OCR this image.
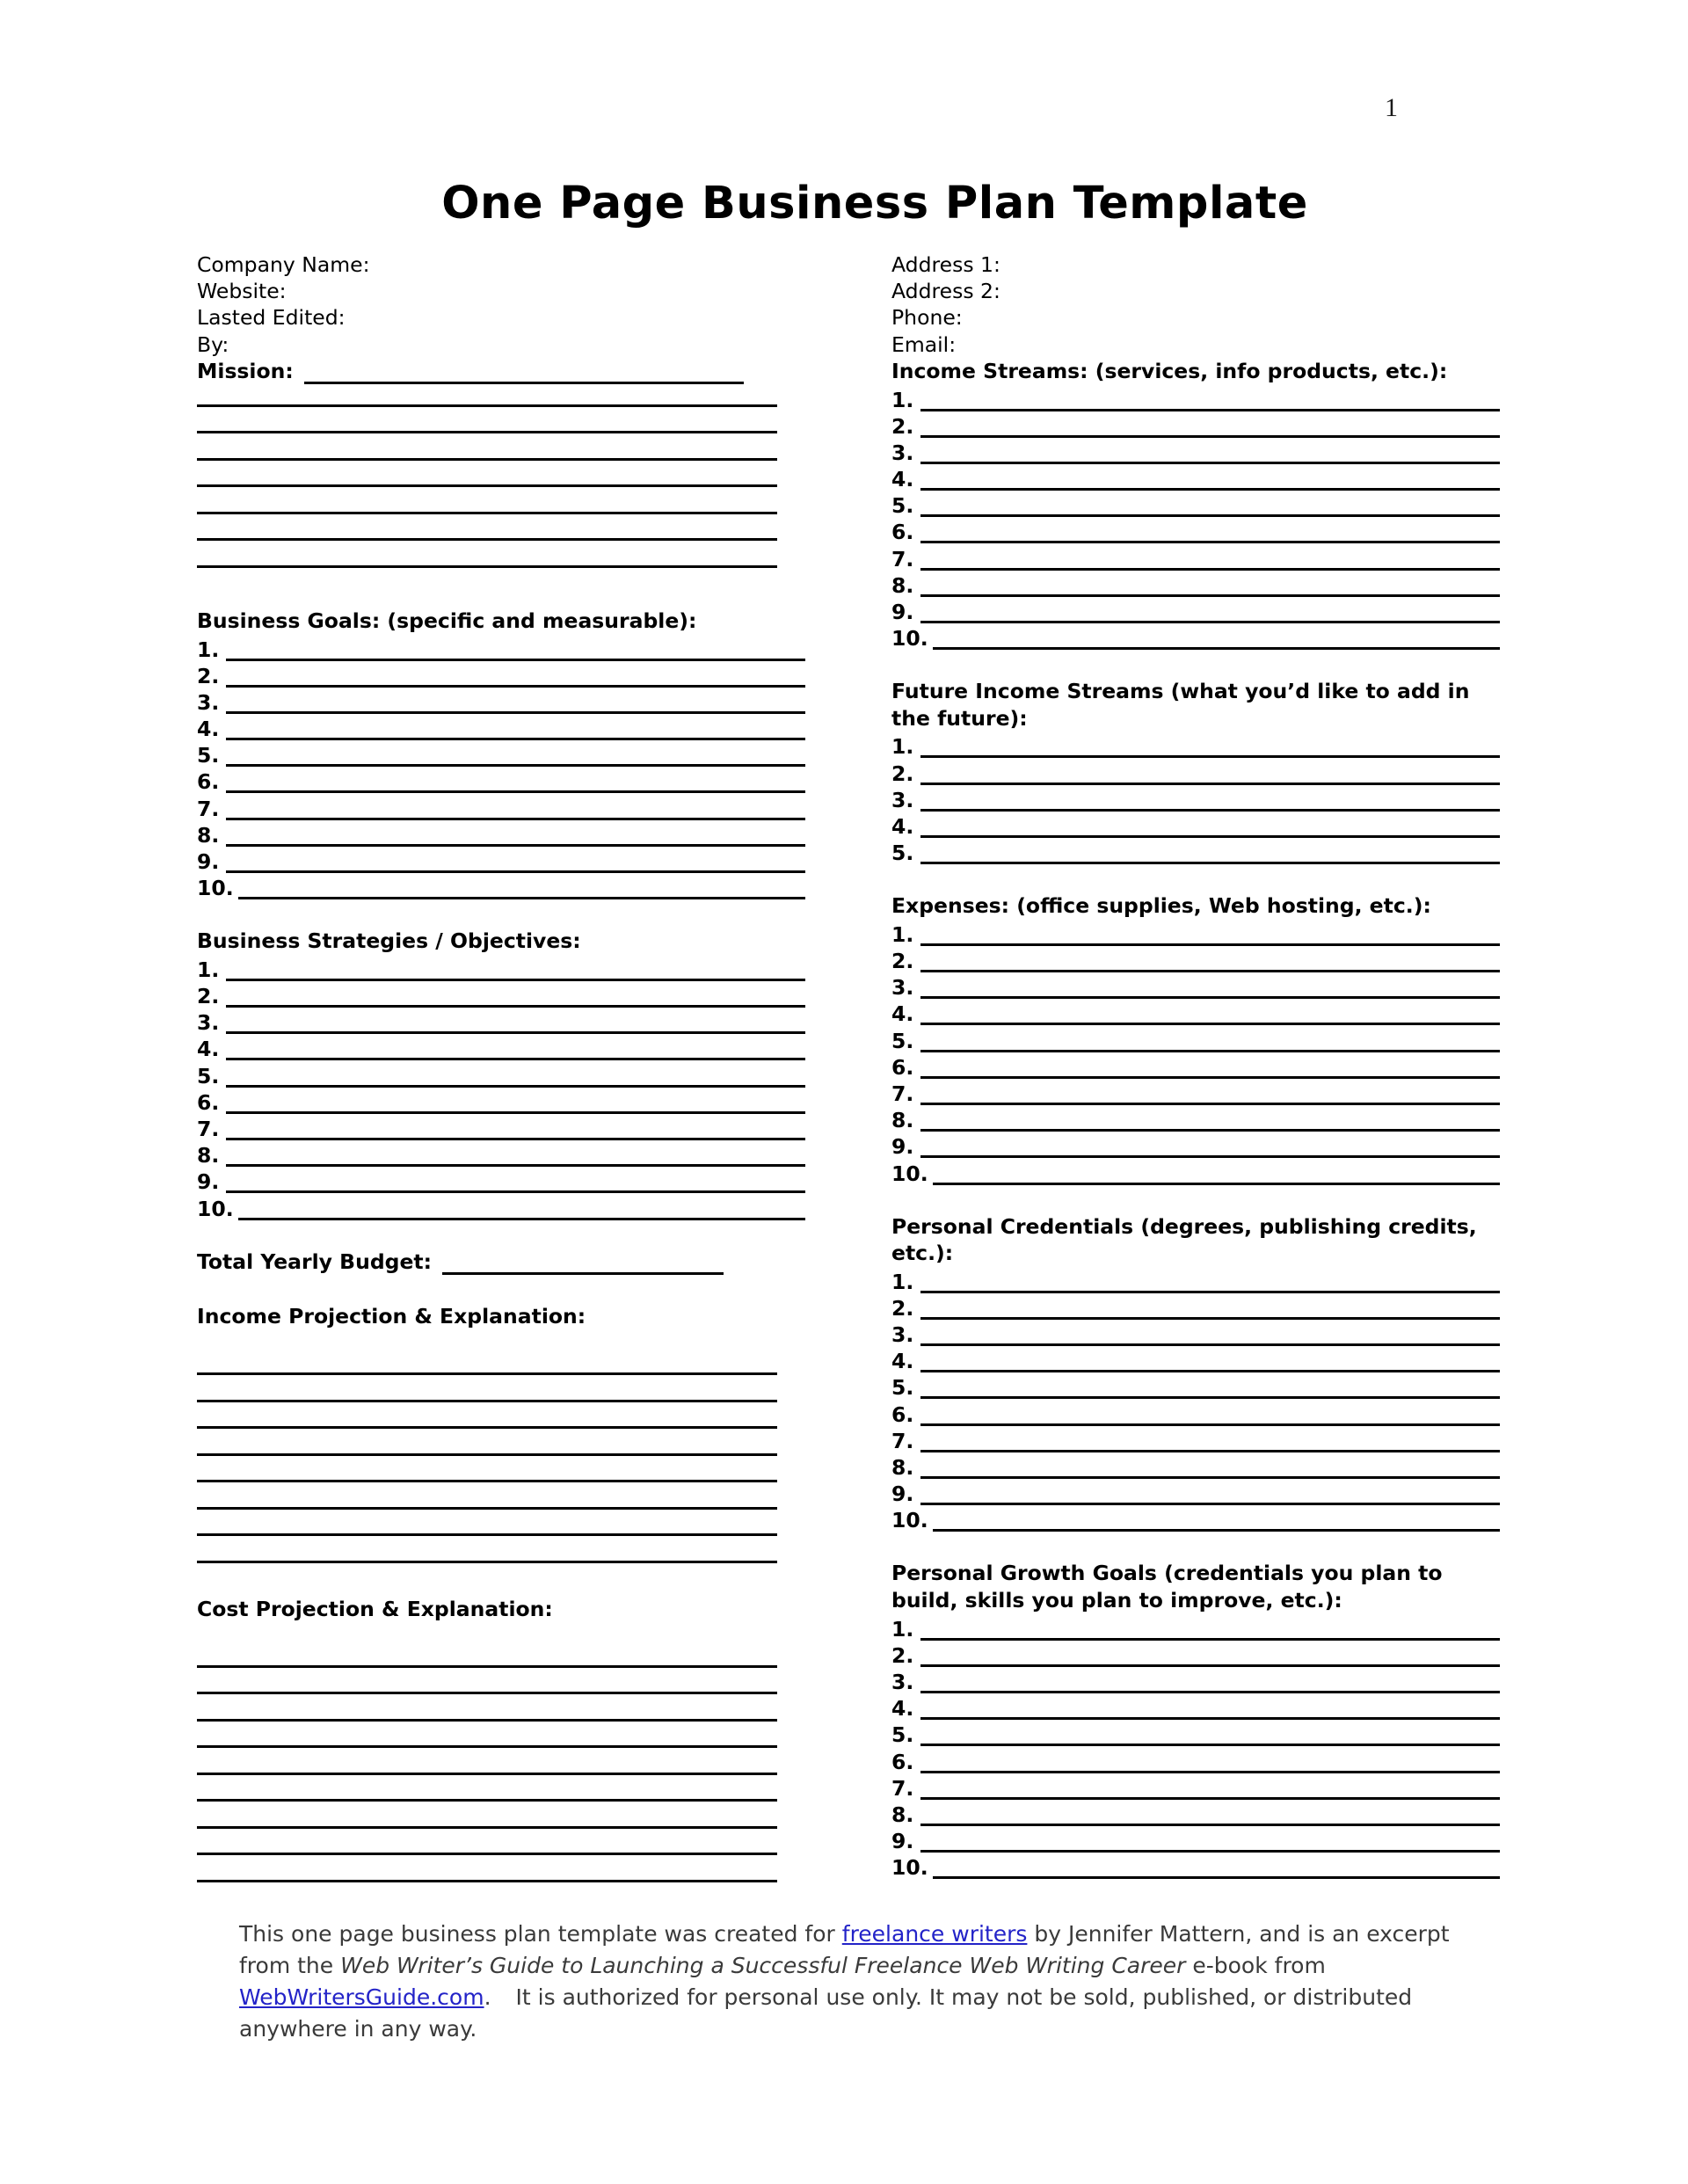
1
One Page Business Plan Template
Company Name:
Website:
Lasted Edited:
By:
Mission:
Business Goals: (specific and measurable):
1.
2.
3.
4.
5.
6.
7.
8.
9.
10.
Business Strategies / Objectives:
1.
2.
3.
4.
5.
6.
7.
8.
9.
10.
Total Yearly Budget:
Income Projection & Explanation:
Cost Projection & Explanation:
Address 1:
Address 2:
Phone:
Email:
Income Streams: (services, info products, etc.):
1.
2.
3.
4.
5.
6.
7.
8.
9.
10.
Future Income Streams (what you’d like to add in the future):
1.
2.
3.
4.
5.
Expenses: (office supplies, Web hosting, etc.):
1.
2.
3.
4.
5.
6.
7.
8.
9.
10.
Personal Credentials (degrees, publishing credits, etc.):
1.
2.
3.
4.
5.
6.
7.
8.
9.
10.
Personal Growth Goals (credentials you plan to build, skills you plan to improve, etc.):
1.
2.
3.
4.
5.
6.
7.
8.
9.
10.
This one page business plan template was created for freelance writers by Jennifer Mattern, and is an excerpt from the Web Writer’s Guide to Launching a Successful Freelance Web Writing Career e-book from WebWritersGuide.com. It is authorized for personal use only. It may not be sold, published, or distributed anywhere in any way.
